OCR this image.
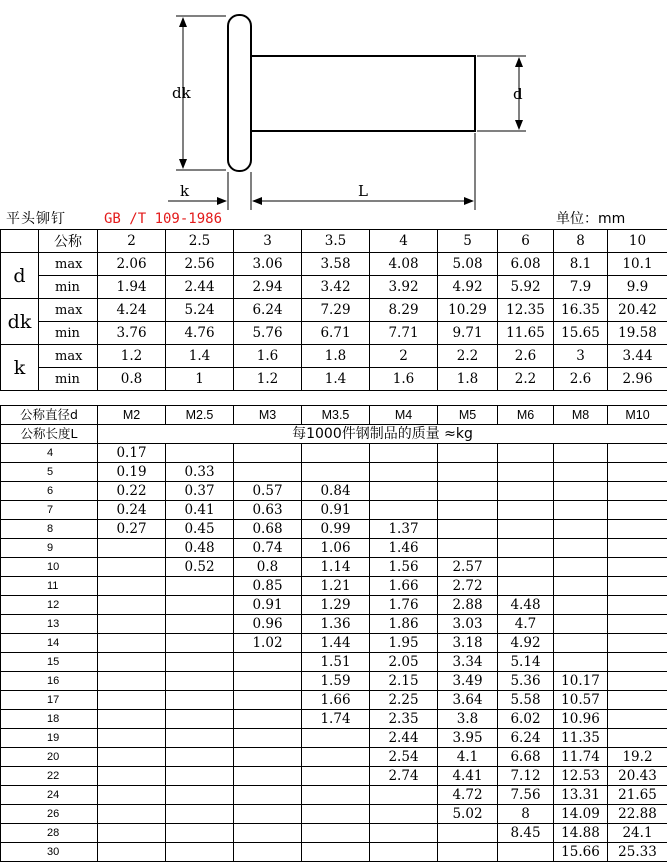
dk	d
k	L
平头铆钉	GB /T 109-1986	单位：mm
	公称	2	2.5	3	3.5	4	5	6	8	10
d	max	2.06	2.56	3.06	3.58	4.08	5.08	6.08	8.1	10.1
	min	1.94	2.44	2.94	3.42	3.92	4.92	5.92	7.9	9.9
dk	max	4.24	5.24	6.24	7.29	8.29	10.29	12.35	16.35	20.42
	min	3.76	4.76	5.76	6.71	7.71	9.71	11.65	15.65	19.58
k	max	1.2	1.4	1.6	1.8	2	2.2	2.6	3	3.44
	min	0.8	1	1.2	1.4	1.6	1.8	2.2	2.6	2.96
公称直径d	M2	M2.5	M3	M3.5	M4	M5	M6	M8	M10
公称长度L	每1000件钢制品的质量 ≈kg								
4	0.17								
5	0.19	0.33							
6	0.22	0.37	0.57	0.84					
7	0.24	0.41	0.63	0.91					
8	0.27	0.45	0.68	0.99	1.37				
9		0.48	0.74	1.06	1.46				
10		0.52	0.8	1.14	1.56	2.57			
11			0.85	1.21	1.66	2.72			
12			0.91	1.29	1.76	2.88	4.48		
13			0.96	1.36	1.86	3.03	4.7		
14			1.02	1.44	1.95	3.18	4.92		
15				1.51	2.05	3.34	5.14		
16				1.59	2.15	3.49	5.36	10.17	
17				1.66	2.25	3.64	5.58	10.57	
18				1.74	2.35	3.8	6.02	10.96	
19					2.44	3.95	6.24	11.35	
20					2.54	4.1	6.68	11.74	19.2
22					2.74	4.41	7.12	12.53	20.43
24						4.72	7.56	13.31	21.65
26						5.02	8	14.09	22.88
28							8.45	14.88	24.1
30								15.66	25.33
